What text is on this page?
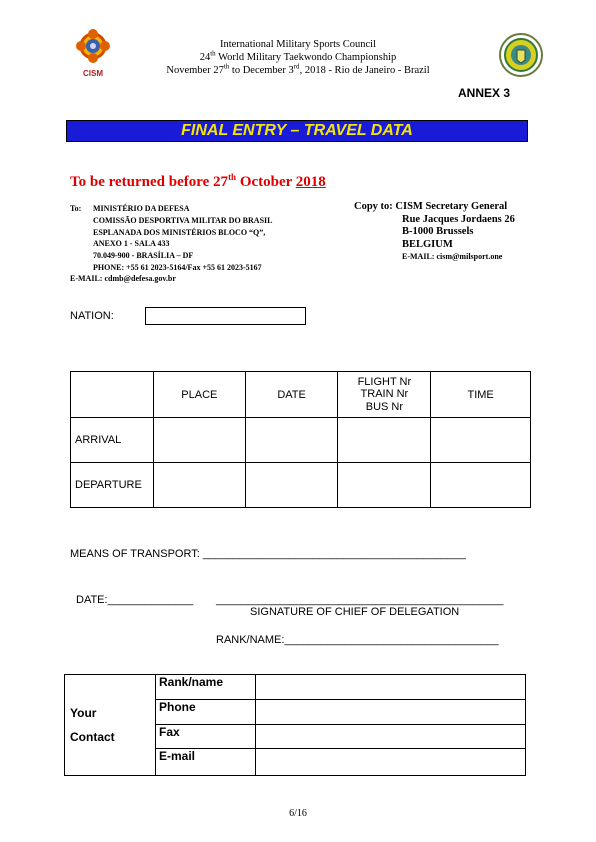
CISM
International Military Sports Council
24th World Military Taekwondo Championship
November 27th to December 3rd, 2018 - Rio de Janeiro - Brazil
ANNEX 3
FINAL ENTRY – TRAVEL DATA
To be returned before 27th October 2018
To: MINISTÉRIO DA DEFESA
COMISSÃO DESPORTIVA MILITAR DO BRASIL
ESPLANADA DOS MINISTÉRIOS BLOCO “Q”,
ANEXO 1 - SALA 433
70.049-900 - BRASÍLIA – DF
PHONE: +55 61 2023-5164/Fax +55 61 2023-5167
E-MAIL: cdmb@defesa.gov.br
Copy to: CISM Secretary General
Rue Jacques Jordaens 26
B-1000 Brussels
BELGIUM
E-MAIL: cism@milsport.one
NATION:
	PLACE	DATE	FLIGHT Nr
TRAIN Nr
BUS Nr	TIME
ARRIVAL				
DEPARTURE				
MEANS OF TRANSPORT: ___________________________________________
DATE:______________ _______________________________________________
SIGNATURE OF CHIEF OF DELEGATION
RANK/NAME:___________________________________
Your
Contact	Rank/name	
	Phone	
	Fax	
	E-mail	
6/16
